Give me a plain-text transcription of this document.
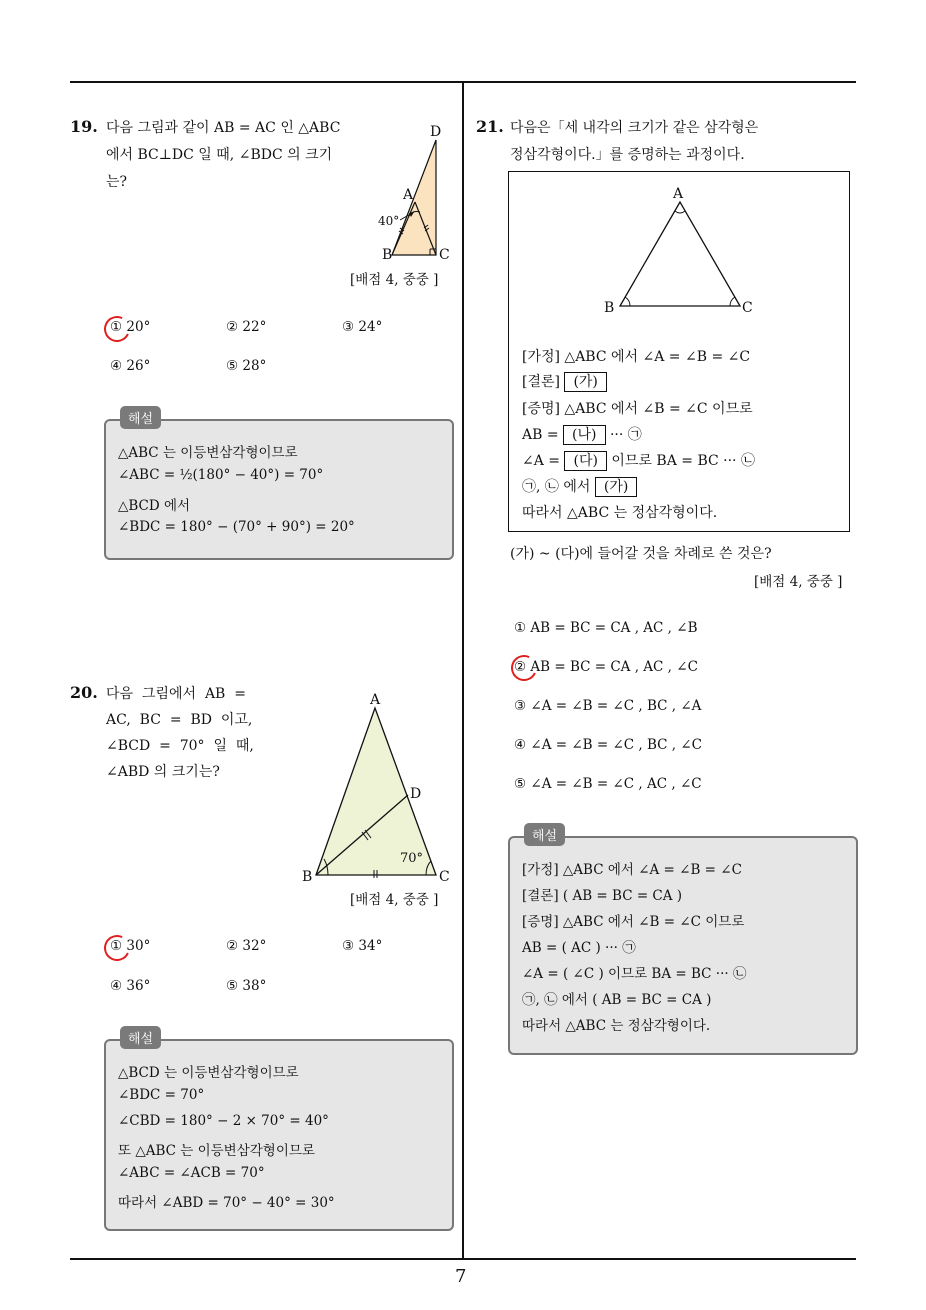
7
19. 다음 그림과 같이 AB = AC 인 △ABC
에서 BC⊥DC 일 때, ∠BDC 의 크기
는?
D
A
40°
B	C
[배점 4, 중중 ]
① 20°	② 22°	③ 24°
④ 26°	⑤ 28°
해설
△ABC 는 이등변삼각형이므로
∠ABC = ½(180° − 40°) = 70°
△BCD 에서
∠BDC = 180° − (70° + 90°) = 20°
20. 다음  그림에서  AB  =
AC,  BC  =  BD  이고,
∠BCD  =  70°  일  때,
∠ABD 의 크기는?
A
D
70°
B	C
[배점 4, 중중 ]
① 30°	② 32°	③ 34°
④ 36°	⑤ 38°
해설
△BCD 는 이등변삼각형이므로
∠BDC = 70°
∠CBD = 180° − 2 × 70° = 40°
또 △ABC 는 이등변삼각형이므로
∠ABC = ∠ACB = 70°
따라서 ∠ABD = 70° − 40° = 30°
21. 다음은「세 내각의 크기가 같은 삼각형은
정삼각형이다.」를 증명하는 과정이다.
A
B	C
[가정] △ABC 에서 ∠A = ∠B = ∠C
[결론] (가)
[증명] △ABC 에서 ∠B = ∠C 이므로
AB = (나) ··· ㉠
∠A = (다) 이므로 BA = BC ··· ㉡
㉠, ㉡ 에서 (가)
따라서 △ABC 는 정삼각형이다.
(가) ~ (다)에 들어갈 것을 차례로 쓴 것은?
[배점 4, 중중 ]
① AB = BC = CA , AC , ∠B
② AB = BC = CA , AC , ∠C
③ ∠A = ∠B = ∠C , BC , ∠A
④ ∠A = ∠B = ∠C , BC , ∠C
⑤ ∠A = ∠B = ∠C , AC , ∠C
해설
[가정] △ABC 에서 ∠A = ∠B = ∠C
[결론] ( AB = BC = CA )
[증명] △ABC 에서 ∠B = ∠C 이므로
AB = ( AC ) ··· ㉠
∠A = ( ∠C ) 이므로 BA = BC ··· ㉡
㉠, ㉡ 에서 ( AB = BC = CA )
따라서 △ABC 는 정삼각형이다.
